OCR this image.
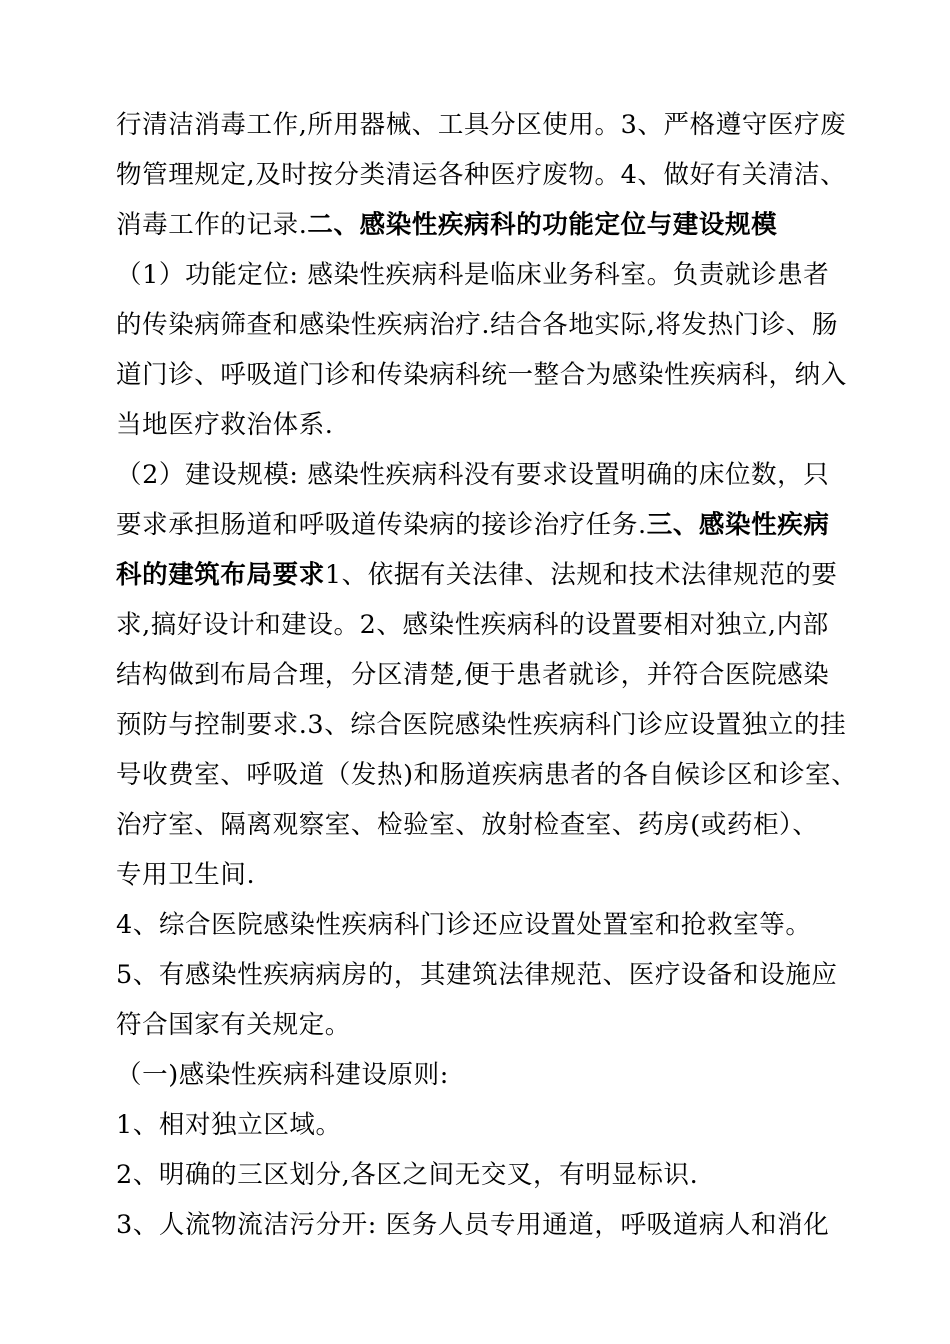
行清洁消毒工作,所用器械、工具分区使用。3、严格遵守医疗废
物管理规定,及时按分类清运各种医疗废物。4、做好有关清洁、
消毒工作的记录.二、感染性疾病科的功能定位与建设规模
（1）功能定位: 感染性疾病科是临床业务科室。负责就诊患者
的传染病筛查和感染性疾病治疗.结合各地实际,将发热门诊、肠
道门诊、呼吸道门诊和传染病科统一整合为感染性疾病科，纳入
当地医疗救治体系.
（2）建设规模: 感染性疾病科没有要求设置明确的床位数，只
要求承担肠道和呼吸道传染病的接诊治疗任务.三、感染性疾病
科的建筑布局要求1、依据有关法律、法规和技术法律规范的要
求,搞好设计和建设。2、感染性疾病科的设置要相对独立,内部
结构做到布局合理，分区清楚,便于患者就诊，并符合医院感染
预防与控制要求.3、综合医院感染性疾病科门诊应设置独立的挂
号收费室、呼吸道（发热)和肠道疾病患者的各自候诊区和诊室、
治疗室、隔离观察室、检验室、放射检查室、药房(或药柜）、
专用卫生间.
4、综合医院感染性疾病科门诊还应设置处置室和抢救室等。
5、有感染性疾病病房的，其建筑法律规范、医疗设备和设施应
符合国家有关规定。
（一)感染性疾病科建设原则:
1、相对独立区域。
2、明确的三区划分,各区之间无交叉，有明显标识.
3、人流物流洁污分开: 医务人员专用通道，呼吸道病人和消化
